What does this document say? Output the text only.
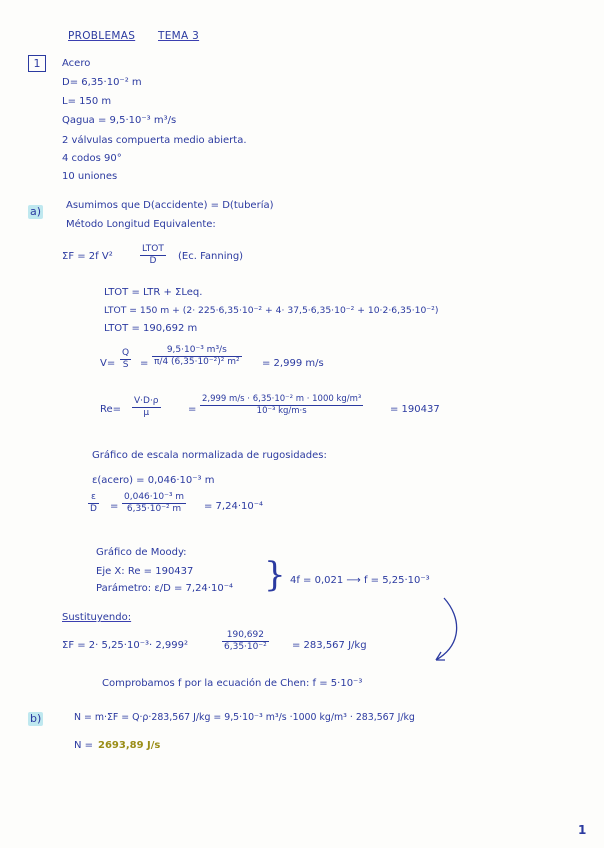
PROBLEMAS TEMA 3
1	Acero
D= 6,35·10⁻² m
L= 150 m
Qagua = 9,5·10⁻³ m³/s
2 válvulas compuerta medio abierta.
4 codos 90°
10 uniones
a) Asumimos que D(accidente) = D(tubería)
Método Longitud Equivalente:
ΣF = 2f V²
LTOT
D	(Ec. Fanning)
LTOT = LTR + ΣLeq.
LTOT = 150 m + (2· 225·6,35·10⁻² + 4· 37,5·6,35·10⁻² + 10·2·6,35·10⁻²)
LTOT = 190,692 m
$V= \frac{Q}{S} = \frac{\text{9,5·10⁻³ m³/s}}{\text{π/4 (6,35·10⁻²)² m²}} = 2,999$ m/s
$Re= \frac{V\cdot D\cdot\rho}{\mu}$	= $\frac{\text{2,999 m/s · 6,35·10⁻² m · 1000 kg/m³}}{\text{10⁻³ kg/m·s}}$	= 190437
Gráfico de escala normalizada de rugosidades:
ε(acero) = 0,046·10⁻³ m
$\frac{\varepsilon}{D} = \frac{\text{0,046·10⁻³ m}}{\text{6,35·10⁻² m}} = 7,24\cdot 10^{-4}$
Gráfico de Moody:
Eje X: Re = 190437
Parámetro: ε/D = 7,24·10⁻⁴ } 4f = 0,021 ⟶ f = 5,25·10⁻³
Sustituyendo:
ΣF = 2· 5,25·10⁻³· 2,999²	$\frac{190,692}{\text{6,35·10⁻²}} = 283,567$ J/kg
Comprobamos f por la ecuación de Chen: f = 5·10⁻³
b)	N = m·ΣF = Q·ρ·283,567 J/kg = 9,5·10⁻³ m³/s ·1000 kg/m³ · 283,567 J/kg
N = 2693,89 J/s
1
